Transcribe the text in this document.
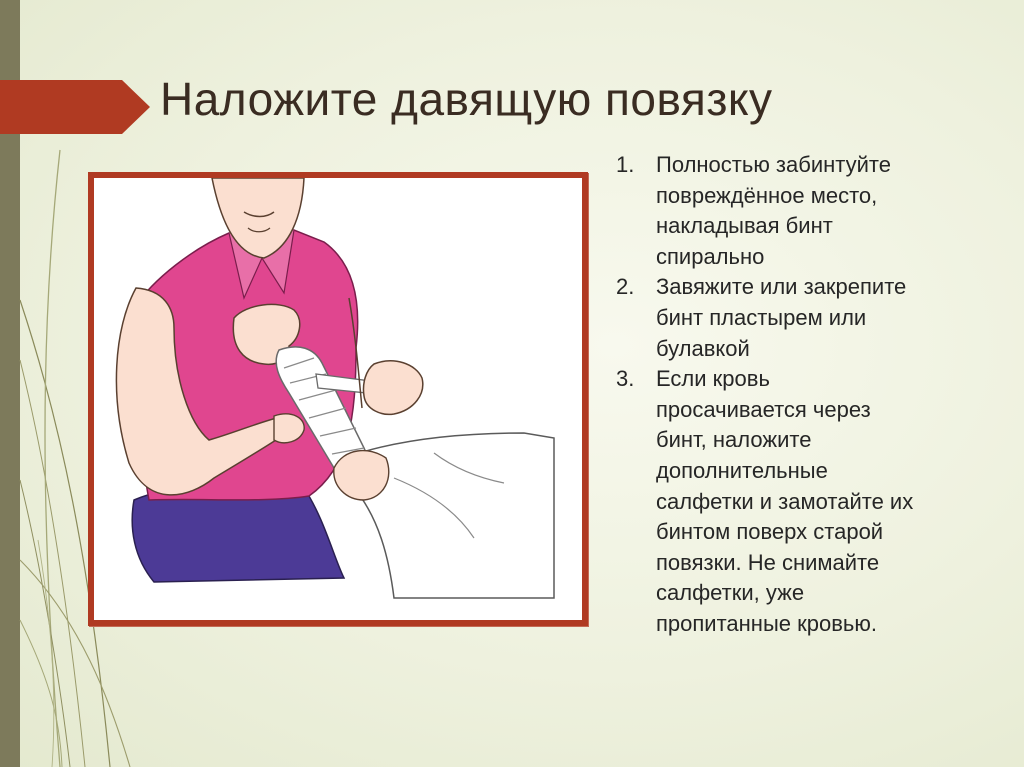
Наложите давящую повязку
1. Полностью забинтуйте
повреждённое место,
накладывая бинт
спирально
2. Завяжите или закрепите
бинт пластырем или
булавкой
3. Если кровь
просачивается через
бинт, наложите
дополнительные
салфетки и замотайте их
бинтом поверх старой
повязки. Не снимайте
салфетки, уже
пропитанные кровью.
